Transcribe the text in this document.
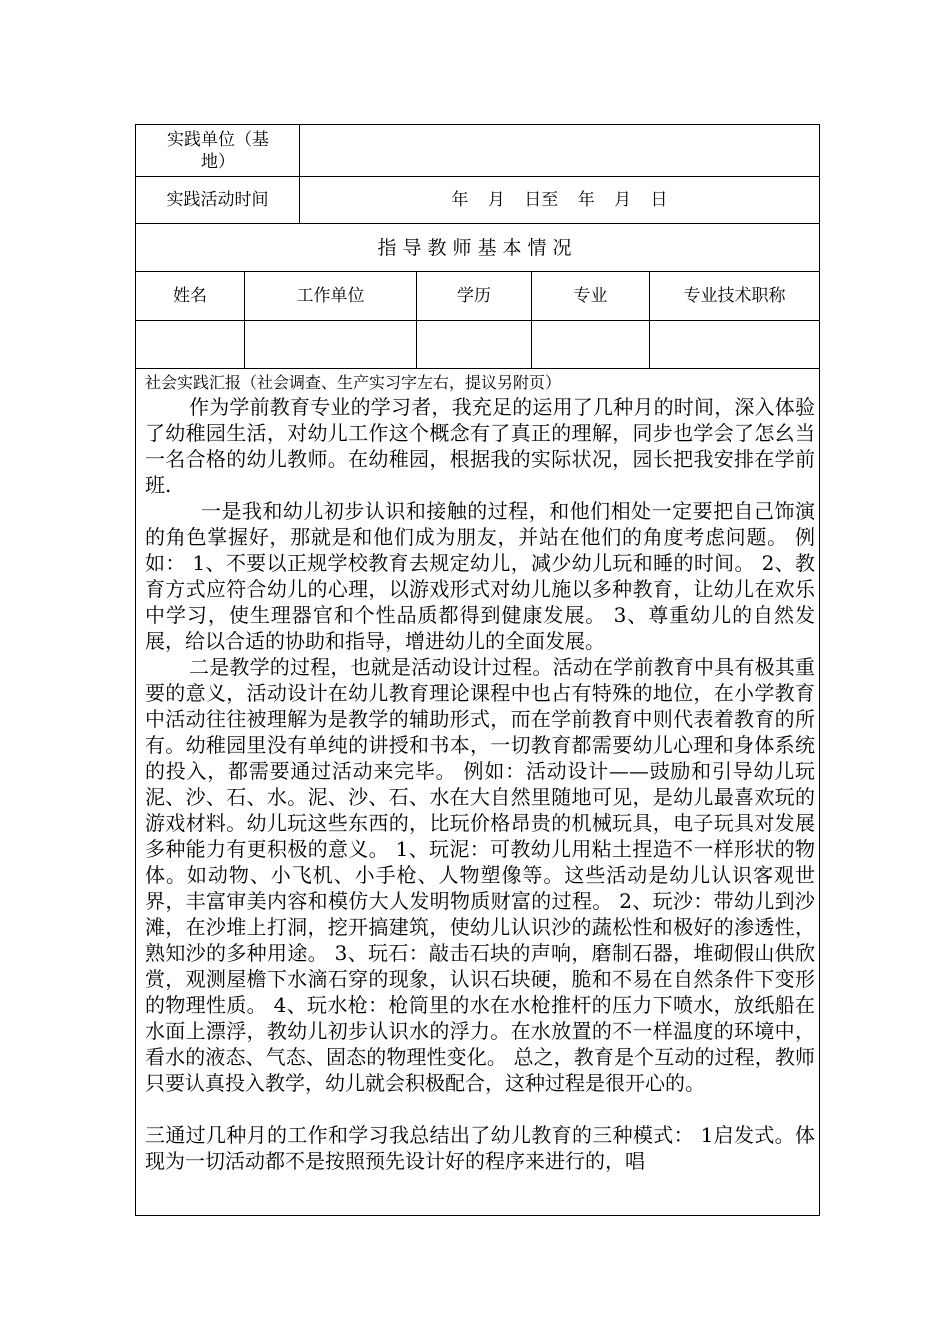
实践单位（基地）
实践活动时间	年 月 日至 年 月 日
指导教师基本情况
姓名	工作单位	学历	专业	专业技术职称

社会实践汇报（社会调查、生产实习字左右，提议另附页）

作为学前教育专业的学习者，我充足的运用了几种月的时间，深入体验了幼稚园生活，对幼儿工作这个概念有了真正的理解，同步也学会了怎幺当一名合格的幼儿教师。在幼稚园，根据我的实际状况，园长把我安排在学前班.

一是我和幼儿初步认识和接触的过程，和他们相处一定要把自己饰演的角色掌握好，那就是和他们成为朋友，并站在他们的角度考虑问题。 例如： 1、不要以正规学校教育去规定幼儿，减少幼儿玩和睡的时间。 2、教育方式应符合幼儿的心理，以游戏形式对幼儿施以多种教育，让幼儿在欢乐中学习，使生理器官和个性品质都得到健康发展。 3、尊重幼儿的自然发展，给以合适的协助和指导，增进幼儿的全面发展。

二是教学的过程，也就是活动设计过程。活动在学前教育中具有极其重要的意义，活动设计在幼儿教育理论课程中也占有特殊的地位，在小学教育中活动往往被理解为是教学的辅助形式，而在学前教育中则代表着教育的所有。幼稚园里没有单纯的讲授和书本，一切教育都需要幼儿心理和身体系统的投入，都需要通过活动来完毕。 例如：活动设计——豉励和引导幼儿玩泥、沙、石、水。泥、沙、石、水在大自然里随地可见，是幼儿最喜欢玩的游戏材料。幼儿玩这些东西的，比玩价格昂贵的机械玩具，电子玩具对发展多种能力有更积极的意义。 1、玩泥：可教幼儿用粘土捏造不一样形状的物体。如动物、小飞机、小手枪、人物塑像等。这些活动是幼儿认识客观世界，丰富审美内容和模仿大人发明物质财富的过程。 2、玩沙：带幼儿到沙滩，在沙堆上打洞，挖开搞建筑，使幼儿认识沙的蔬松性和极好的渗透性，熟知沙的多种用途。 3、玩石：敲击石块的声响，磨制石器，堆砌假山供欣赏，观测屋檐下水滴石穿的现象，认识石块硬，脆和不易在自然条件下变形的物理性质。 4、玩水枪：枪筒里的水在水枪推杆的压力下喷水，放纸船在水面上漂浮，教幼儿初步认识水的浮力。在水放置的不一样温度的环境中，看水的液态、气态、固态的物理性变化。 总之，教育是个互动的过程，教师只要认真投入教学，幼儿就会积极配合，这种过程是很开心的。

三通过几种月的工作和学习我总结出了幼儿教育的三种模式： 1启发式。体现为一切活动都不是按照预先设计好的程序来进行的，唱
